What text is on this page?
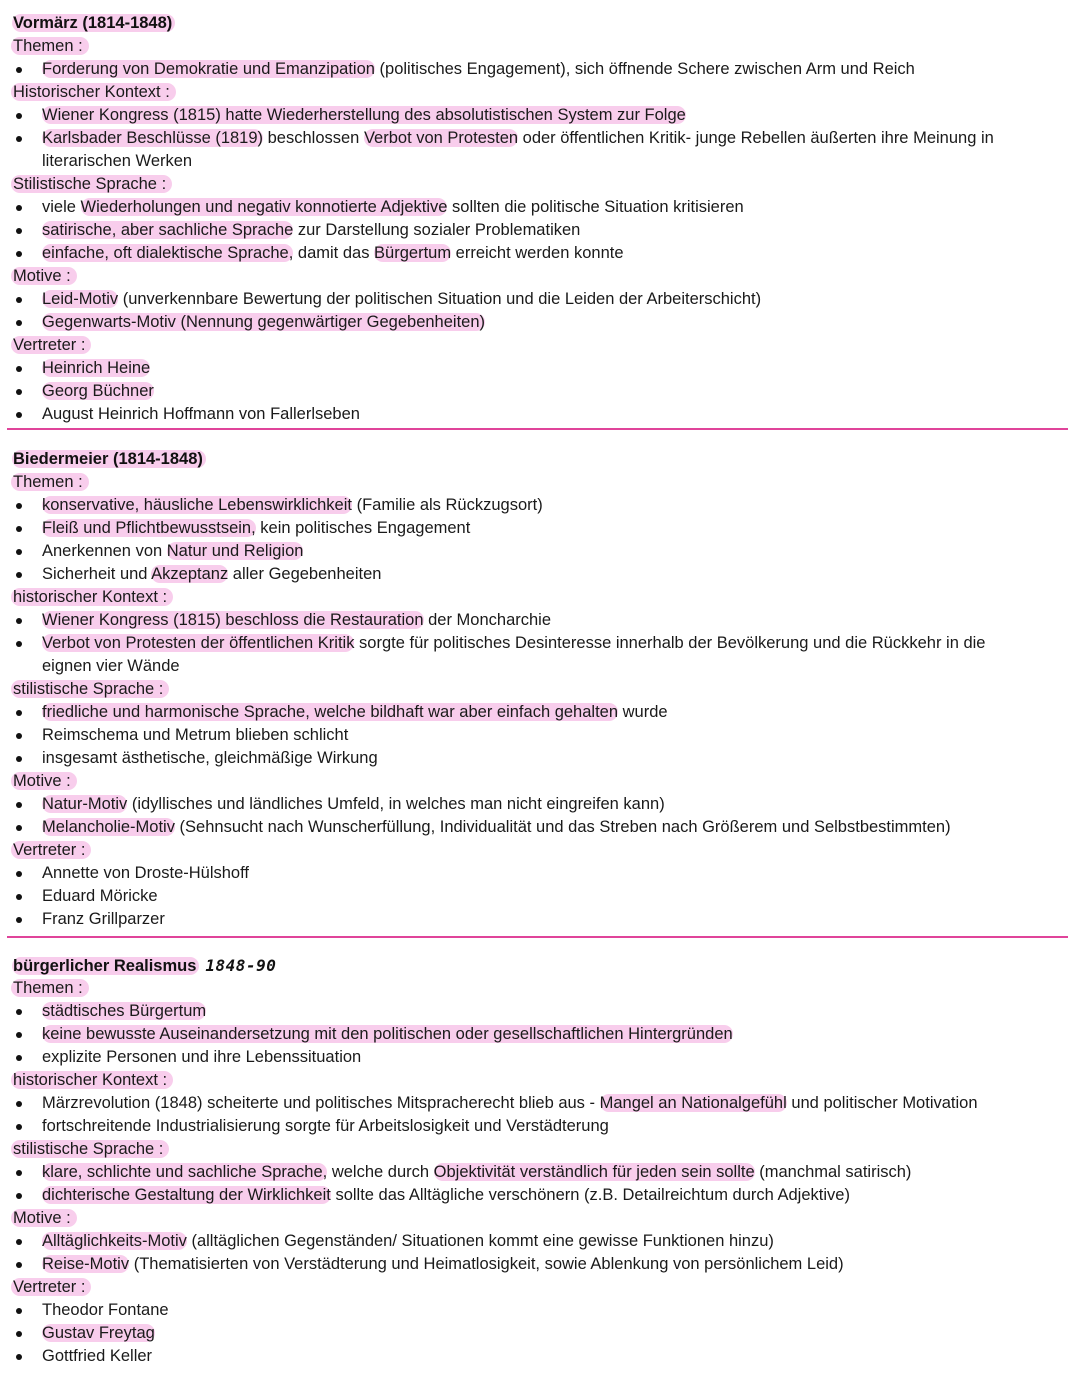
Vormärz (1814-1848)
Themen :
Forderung von Demokratie und Emanzipation (politisches Engagement), sich öffnende Schere zwischen Arm und Reich
Historischer Kontext :
Wiener Kongress (1815) hatte Wiederherstellung des absolutistischen System zur Folge
Karlsbader Beschlüsse (1819) beschlossen Verbot von Protesten oder öffentlichen Kritik- junge Rebellen äußerten ihre Meinung in
literarischen Werken
Stilistische Sprache :
viele Wiederholungen und negativ konnotierte Adjektive sollten die politische Situation kritisieren
satirische, aber sachliche Sprache zur Darstellung sozialer Problematiken
einfache, oft dialektische Sprache, damit das Bürgertum erreicht werden konnte
Motive :
Leid-Motiv (unverkennbare Bewertung der politischen Situation und die Leiden der Arbeiterschicht)
Gegenwarts-Motiv (Nennung gegenwärtiger Gegebenheiten)
Vertreter :
Heinrich Heine
Georg Büchner
August Heinrich Hoffmann von Fallerlseben
Biedermeier (1814-1848)
Themen :
konservative, häusliche Lebenswirklichkeit (Familie als Rückzugsort)
Fleiß und Pflichtbewusstsein, kein politisches Engagement
Anerkennen von Natur und Religion
Sicherheit und Akzeptanz aller Gegebenheiten
historischer Kontext :
Wiener Kongress (1815) beschloss die Restauration der Moncharchie
Verbot von Protesten der öffentlichen Kritik sorgte für politisches Desinteresse innerhalb der Bevölkerung und die Rückkehr in die
eignen vier Wände
stilistische Sprache :
friedliche und harmonische Sprache, welche bildhaft war aber einfach gehalten wurde
Reimschema und Metrum blieben schlicht
insgesamt ästhetische, gleichmäßige Wirkung
Motive :
Natur-Motiv (idyllisches und ländliches Umfeld, in welches man nicht eingreifen kann)
Melancholie-Motiv (Sehnsucht nach Wunscherfüllung, Individualität und das Streben nach Größerem und Selbstbestimmten)
Vertreter :
Annette von Droste-Hülshoff
Eduard Möricke
Franz Grillparzer
bürgerlicher Realismus 1848-90
Themen :
städtisches Bürgertum
keine bewusste Auseinandersetzung mit den politischen oder gesellschaftlichen Hintergründen
explizite Personen und ihre Lebenssituation
historischer Kontext :
Märzrevolution (1848) scheiterte und politisches Mitspracherecht blieb aus - Mangel an Nationalgefühl und politischer Motivation
fortschreitende Industrialisierung sorgte für Arbeitslosigkeit und Verstädterung
stilistische Sprache :
klare, schlichte und sachliche Sprache, welche durch Objektivität verständlich für jeden sein sollte (manchmal satirisch)
dichterische Gestaltung der Wirklichkeit sollte das Alltägliche verschönern (z.B. Detailreichtum durch Adjektive)
Motive :
Alltäglichkeits-Motiv (alltäglichen Gegenständen/ Situationen kommt eine gewisse Funktionen hinzu)
Reise-Motiv (Thematisierten von Verstädterung und Heimatlosigkeit, sowie Ablenkung von persönlichem Leid)
Vertreter :
Theodor Fontane
Gustav Freytag
Gottfried Keller
